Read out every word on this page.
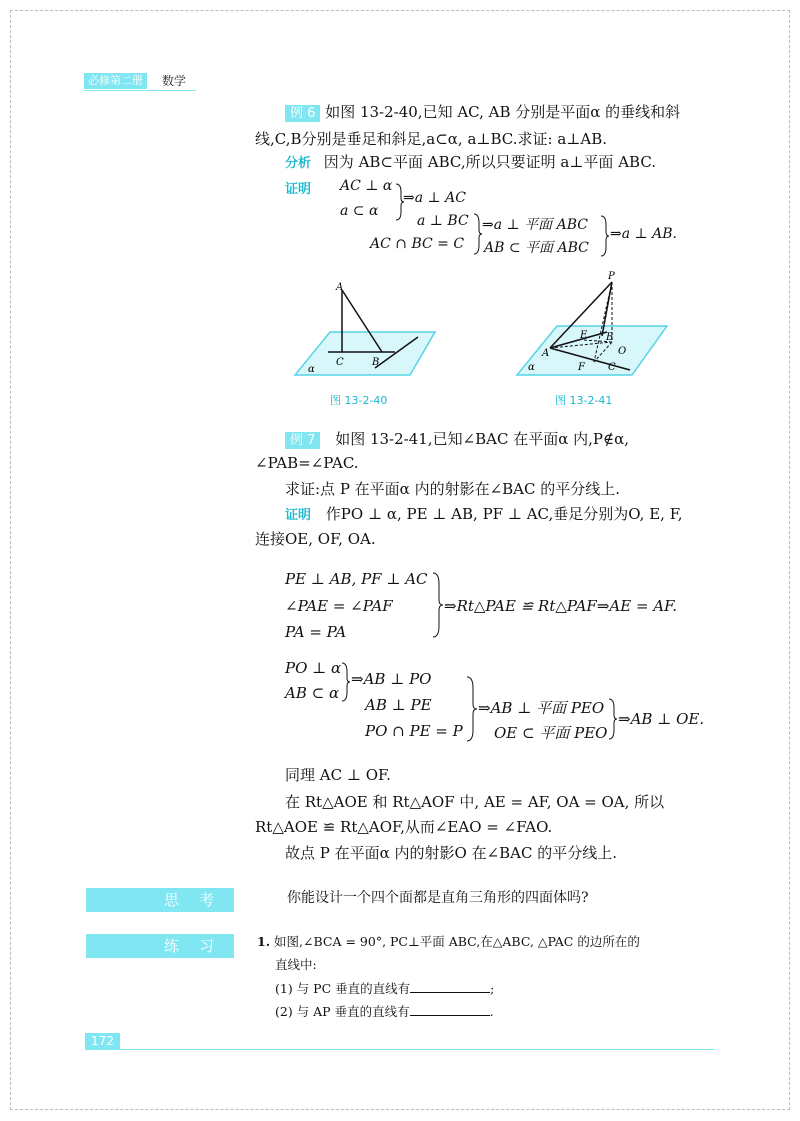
必修第二册	数学
例 6 如图 13-2-40,已知 AC, AB 分别是平面α 的垂线和斜
线,C,B分别是垂足和斜足,a⊂α, a⊥BC.求证: a⊥AB.
分析 因为 AB⊂平面 ABC,所以只要证明 a⊥平面 ABC.
证明 AC ⊥ α
a ⊂ α
⇒a ⊥ AC
a ⊥ BC
AC ∩ BC = C
⇒a ⊥ 平面 ABC
AB ⊂ 平面 ABC
⇒a ⊥ AB.
A
C	B
α
图 13-2-40
P
A
E B
O
F C
α
图 13-2-41
例 7 如图 13-2-41,已知∠BAC 在平面α 内,P∉α,
∠PAB=∠PAC.
求证:点 P 在平面α 内的射影在∠BAC 的平分线上.
证明 作PO ⊥ α, PE ⊥ AB, PF ⊥ AC,垂足分别为O, E, F,
连接OE, OF, OA.
PE ⊥ AB, PF ⊥ AC
∠PAE = ∠PAF
PA = PA
⇒Rt△PAE ≌ Rt△PAF⇒AE = AF.
PO ⊥ α
AB ⊂ α
⇒AB ⊥ PO
AB ⊥ PE
PO ∩ PE = P
⇒AB ⊥ 平面 PEO
OE ⊂ 平面 PEO
⇒AB ⊥ OE.
同理 AC ⊥ OF.
在 Rt△AOE 和 Rt△AOF 中, AE = AF, OA = OA, 所以
Rt△AOE ≌ Rt△AOF,从而∠EAO = ∠FAO.
故点 P 在平面α 内的射影O 在∠BAC 的平分线上.
思考	你能设计一个四个面都是直角三角形的四面体吗?
练习 1. 如图,∠BCA = 90°, PC⊥平面 ABC,在△ABC, △PAC 的边所在的
直线中:
(1) 与 PC 垂直的直线有	;
(2) 与 AP 垂直的直线有	.
172
